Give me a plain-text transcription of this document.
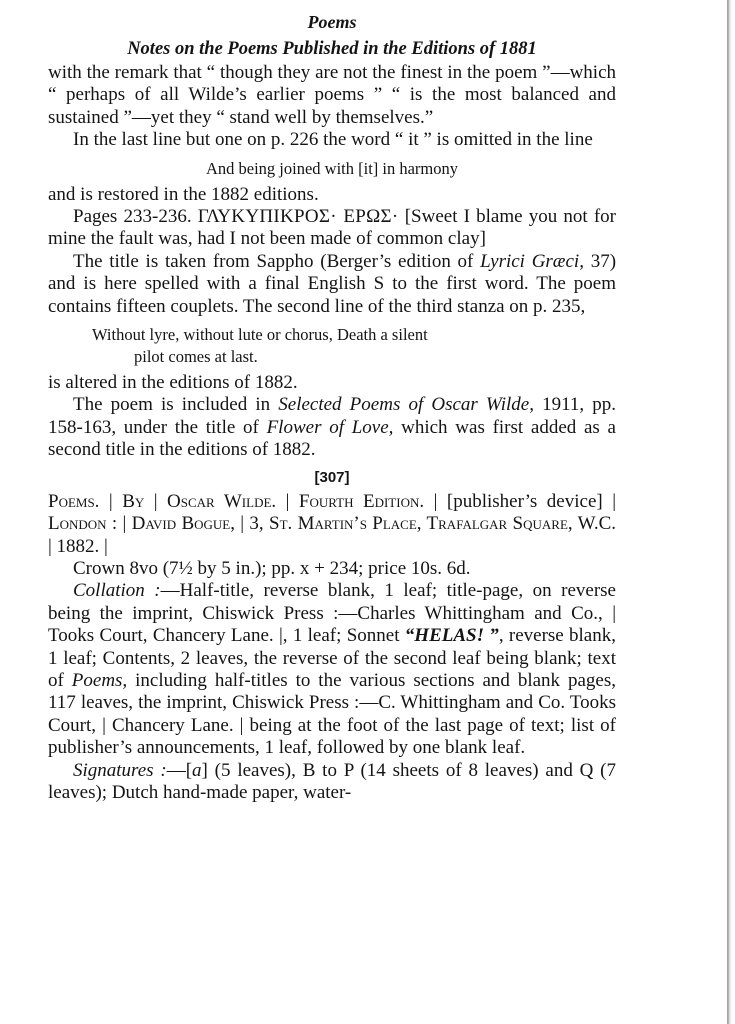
Poems
Notes on the Poems Published in the Editions of 1881

with the remark that “ though they are not the finest in the poem ”—which “ perhaps of all Wilde’s earlier poems ” “ is the most balanced and sustained ”—yet they “ stand well by themselves.”

In the last line but one on p. 226 the word “ it ” is omitted in the line

And being joined with [it] in harmony

and is restored in the 1882 editions.

Pages 233-236. ΓΛΥΚΥΠΙΚΡΟΣ· ΕΡΩΣ· [Sweet I blame you not for mine the fault was, had I not been made of common clay]

The title is taken from Sappho (Berger’s edition of Lyrici Græci, 37) and is here spelled with a final English S to the first word. The poem contains fifteen couplets. The second line of the third stanza on p. 235,

Without lyre, without lute or chorus, Death a silent
pilot comes at last.

is altered in the editions of 1882.

The poem is included in Selected Poems of Oscar Wilde, 1911, pp. 158-163, under the title of Flower of Love, which was first added as a second title in the editions of 1882.

[307]

Poems. | By | Oscar Wilde. | Fourth Edition. | [publisher’s device] | London : | David Bogue, | 3, St. Martin’s Place, Trafalgar Square, W.C. | 1882. |

Crown 8vo (7½ by 5 in.); pp. x + 234; price 10s. 6d.

Collation :—Half-title, reverse blank, 1 leaf; title-page, on reverse being the imprint, Chiswick Press :—Charles Whittingham and Co., | Tooks Court, Chancery Lane. |, 1 leaf; Sonnet “HELAS! ”, reverse blank, 1 leaf; Contents, 2 leaves, the reverse of the second leaf being blank; text of Poems, including half-titles to the various sections and blank pages, 117 leaves, the imprint, Chiswick Press :—C. Whittingham and Co. Tooks Court, | Chancery Lane. | being at the foot of the last page of text; list of publisher’s announcements, 1 leaf, followed by one blank leaf.

Signatures :—[a] (5 leaves), B to P (14 sheets of 8 leaves) and Q (7 leaves); Dutch hand-made paper, water-
